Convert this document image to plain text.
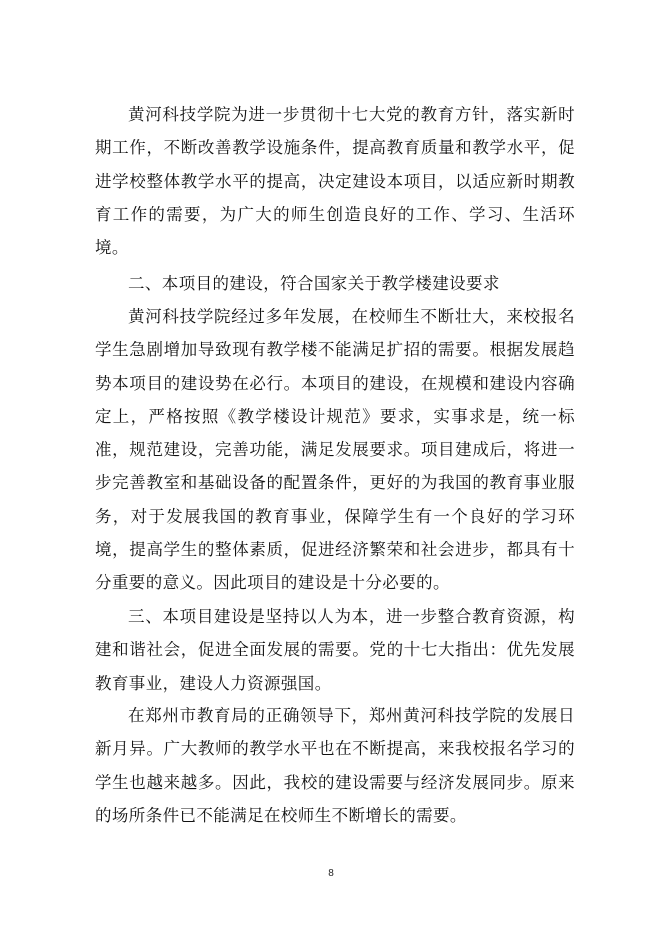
黄河科技学院为进一步贯彻十七大党的教育方针，落实新时期工作，不断改善教学设施条件，提高教育质量和教学水平，促进学校整体教学水平的提高，决定建设本项目，以适应新时期教育工作的需要，为广大的师生创造良好的工作、学习、生活环境。

二、本项目的建设，符合国家关于教学楼建设要求

黄河科技学院经过多年发展，在校师生不断壮大，来校报名学生急剧增加导致现有教学楼不能满足扩招的需要。根据发展趋势本项目的建设势在必行。本项目的建设，在规模和建设内容确定上，严格按照《教学楼设计规范》要求，实事求是，统一标准，规范建设，完善功能，满足发展要求。项目建成后，将进一步完善教室和基础设备的配置条件，更好的为我国的教育事业服务，对于发展我国的教育事业，保障学生有一个良好的学习环境，提高学生的整体素质，促进经济繁荣和社会进步，都具有十分重要的意义。因此项目的建设是十分必要的。

三、本项目建设是坚持以人为本，进一步整合教育资源，构建和谐社会，促进全面发展的需要。党的十七大指出：优先发展教育事业，建设人力资源强国。

在郑州市教育局的正确领导下，郑州黄河科技学院的发展日新月异。广大教师的教学水平也在不断提高，来我校报名学习的学生也越来越多。因此，我校的建设需要与经济发展同步。原来的场所条件已不能满足在校师生不断增长的需要。

8
